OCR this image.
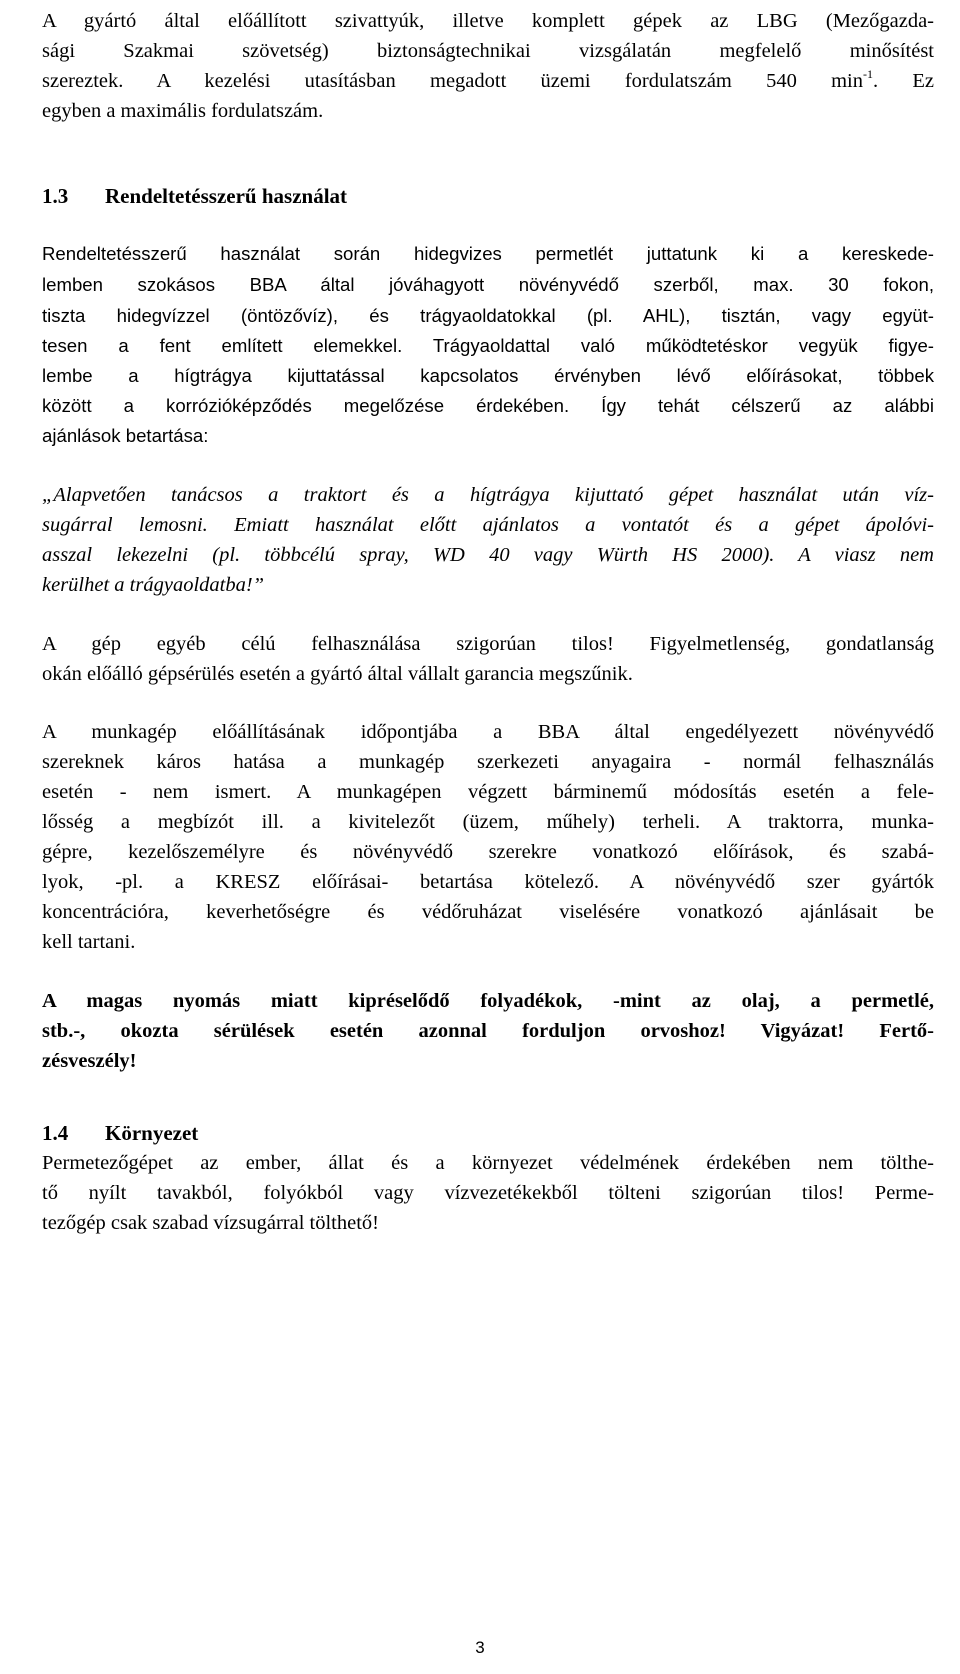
A gyártó által előállított szivattyúk, illetve komplett gépek az LBG (Mezőgazda-
sági Szakmai szövetség) biztonságtechnikai vizsgálatán megfelelő minősítést
szereztek. A kezelési utasításban megadott üzemi fordulatszám 540 $\min^{-1}$. Ez
egyben a maximális fordulatszám.
1.3 Rendeltetésszerű használat
Rendeltetésszerű használat során hidegvizes permetlét juttatunk ki a kereskede-
lemben szokásos BBA által jóváhagyott növényvédő szerből, max. 30 fokon,
tiszta hidegvízzel (öntözővíz), és trágyaoldatokkal (pl. AHL), tisztán, vagy együt-
tesen a fent említett elemekkel. Trágyaoldattal való működtetéskor vegyük figye-
lembe a hígtrágya kijuttatással kapcsolatos érvényben lévő előírásokat, többek
között a korrózióképződés megelőzése érdekében. Így tehát célszerű az alábbi
ajánlások betartása:
„Alapvetően tanácsos a traktort és a hígtrágya kijuttató gépet használat után víz-
sugárral lemosni. Emiatt használat előtt ajánlatos a vontatót és a gépet ápolóvi-
asszal lekezelni (pl. többcélú spray, WD 40 vagy Würth HS 2000). A viasz nem
kerülhet a trágyaoldatba!”
A gép egyéb célú felhasználása szigorúan tilos! Figyelmetlenség, gondatlanság
okán előálló gépsérülés esetén a gyártó által vállalt garancia megszűnik.
A munkagép előállításának időpontjába a BBA által engedélyezett növényvédő
szereknek káros hatása a munkagép szerkezeti anyagaira - normál felhasználás
esetén - nem ismert. A munkagépen végzett bárminemű módosítás esetén a fele-
lősség a megbízót ill. a kivitelezőt (üzem, műhely) terheli. A traktorra, munka-
gépre, kezelőszemélyre és növényvédő szerekre vonatkozó előírások, és szabá-
lyok, -pl. a KRESZ előírásai- betartása kötelező. A növényvédő szer gyártók
koncentrációra, keverhetőségre és védőruházat viselésére vonatkozó ajánlásait be
kell tartani.
A magas nyomás miatt kipréselődő folyadékok, -mint az olaj, a permetlé,
stb.-, okozta sérülések esetén azonnal forduljon orvoshoz! Vigyázat! Fertő-
zésveszély!
1.4 Környezet
Permetezőgépet az ember, állat és a környezet védelmének érdekében nem tölthe-
tő nyílt tavakból, folyókból vagy vízvezetékekből tölteni szigorúan tilos! Perme-
tezőgép csak szabad vízsugárral tölthető!
3
